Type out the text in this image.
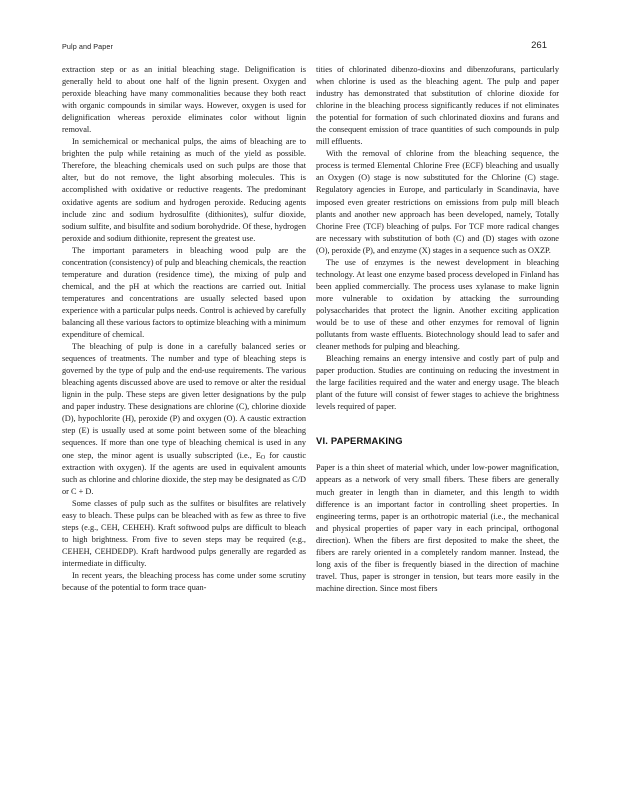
Pulp and Paper	261

extraction step or as an initial bleaching stage. Delignification is generally held to about one half of the lignin present. Oxygen and peroxide bleaching have many commonalities because they both react with organic compounds in similar ways. However, oxygen is used for delignification whereas peroxide eliminates color without lignin removal.

In semichemical or mechanical pulps, the aims of bleaching are to brighten the pulp while retaining as much of the yield as possible. Therefore, the bleaching chemicals used on such pulps are those that alter, but do not remove, the light absorbing molecules. This is accomplished with oxidative or reductive reagents. The predominant oxidative agents are sodium and hydrogen peroxide. Reducing agents include zinc and sodium hydrosulfite (dithionites), sulfur dioxide, sodium sulfite, and bisulfite and sodium borohydride. Of these, hydrogen peroxide and sodium dithionite, represent the greatest use.

The important parameters in bleaching wood pulp are the concentration (consistency) of pulp and bleaching chemicals, the reaction temperature and duration (residence time), the mixing of pulp and chemical, and the pH at which the reactions are carried out. Initial temperatures and concentrations are usually selected based upon experience with a particular pulps needs. Control is achieved by carefully balancing all these various factors to optimize bleaching with a minimum expenditure of chemical.

The bleaching of pulp is done in a carefully balanced series or sequences of treatments. The number and type of bleaching steps is governed by the type of pulp and the end-use requirements. The various bleaching agents discussed above are used to remove or alter the residual lignin in the pulp. These steps are given letter designations by the pulp and paper industry. These designations are chlorine (C), chlorine dioxide (D), hypochlorite (H), peroxide (P) and oxygen (O). A caustic extraction step (E) is usually used at some point between some of the bleaching sequences. If more than one type of bleaching chemical is used in any one step, the minor agent is usually subscripted (i.e., EO for caustic extraction with oxygen). If the agents are used in equivalent amounts such as chlorine and chlorine dioxide, the step may be designated as C/D or C + D.

Some classes of pulp such as the sulfites or bisulfites are relatively easy to bleach. These pulps can be bleached with as few as three to five steps (e.g., CEH, CEHEH). Kraft softwood pulps are difficult to bleach to high brightness. From five to seven steps may be required (e.g., CEHEH, CEHDEDP). Kraft hardwood pulps generally are regarded as intermediate in difficulty.

In recent years, the bleaching process has come under some scrutiny because of the potential to form trace quan-

tities of chlorinated dibenzo-dioxins and dibenzofurans, particularly when chlorine is used as the bleaching agent. The pulp and paper industry has demonstrated that substitution of chlorine dioxide for chlorine in the bleaching process significantly reduces if not eliminates the potential for formation of such chlorinated dioxins and furans and the consequent emission of trace quantities of such compounds in pulp mill effluents.

With the removal of chlorine from the bleaching sequence, the process is termed Elemental Chlorine Free (ECF) bleaching and usually an Oxygen (O) stage is now substituted for the Chlorine (C) stage. Regulatory agencies in Europe, and particularly in Scandinavia, have imposed even greater restrictions on emissions from pulp mill bleach plants and another new approach has been developed, namely, Totally Chorine Free (TCF) bleaching of pulps. For TCF more radical changes are necessary with substitution of both (C) and (D) stages with ozone (O), peroxide (P), and enzyme (X) stages in a sequence such as OXZP.

The use of enzymes is the newest development in bleaching technology. At least one enzyme based process developed in Finland has been applied commercially. The process uses xylanase to make lignin more vulnerable to oxidation by attacking the surrounding polysaccharides that protect the lignin. Another exciting application would be to use of these and other enzymes for removal of lignin pollutants from waste effluents. Biotechnology should lead to safer and cleaner methods for pulping and bleaching.

Bleaching remains an energy intensive and costly part of pulp and paper production. Studies are continuing on reducing the investment in the large facilities required and the water and energy usage. The bleach plant of the future will consist of fewer stages to achieve the brightness levels required of paper.

VI. PAPERMAKING

Paper is a thin sheet of material which, under low-power magnification, appears as a network of very small fibers. These fibers are generally much greater in length than in diameter, and this length to width difference is an important factor in controlling sheet properties. In engineering terms, paper is an orthotropic material (i.e., the mechanical and physical properties of paper vary in each principal, orthogonal direction). When the fibers are first deposited to make the sheet, the fibers are rarely oriented in a completely random manner. Instead, the long axis of the fiber is frequently biased in the direction of machine travel. Thus, paper is stronger in tension, but tears more easily in the machine direction. Since most fibers
